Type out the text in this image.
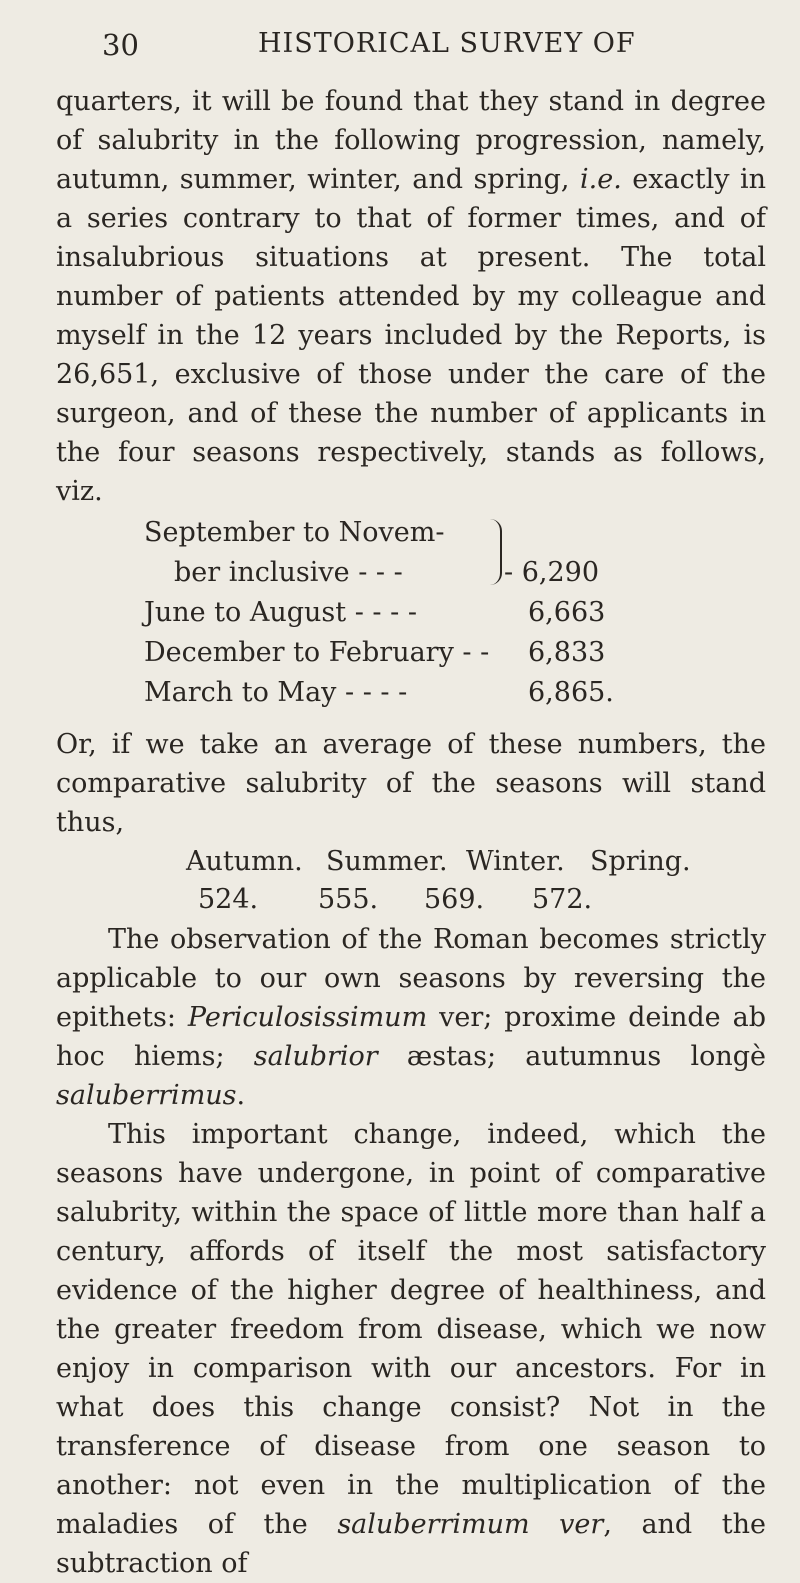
30	HISTORICAL SURVEY OF

quarters, it will be found that they stand in degree of salubrity in the following progression, namely, autumn, summer, winter, and spring, i.e. exactly in a series contrary to that of former times, and of insalubrious situations at present. The total number of patients attended by my colleague and myself in the 12 years included by the Reports, is 26,651, exclusive of those under the care of the surgeon, and of these the number of applicants in the four seasons respectively, stands as follows, viz.

September to Novem-
ber inclusive - - -	- 6,290
June to August - - - -	6,663
December to February - - 6,833
March to May - - - -	6,865.

Or, if we take an average of these numbers, the comparative salubrity of the seasons will stand thus,

Autumn. Summer. Winter. Spring.
524. 555. 569. 572.

The observation of the Roman becomes strictly applicable to our own seasons by reversing the epithets: Periculosissimum ver; proxime deinde ab hoc hiems; salubrior æstas; autumnus longè saluberrimus.

This important change, indeed, which the seasons have undergone, in point of comparative salubrity, within the space of little more than half a century, affords of itself the most satisfactory evidence of the higher degree of healthiness, and the greater freedom from disease, which we now enjoy in comparison with our ancestors. For in what does this change consist? Not in the transference of disease from one season to another: not even in the multiplication of the maladies of the saluberrimum ver, and the subtraction of
